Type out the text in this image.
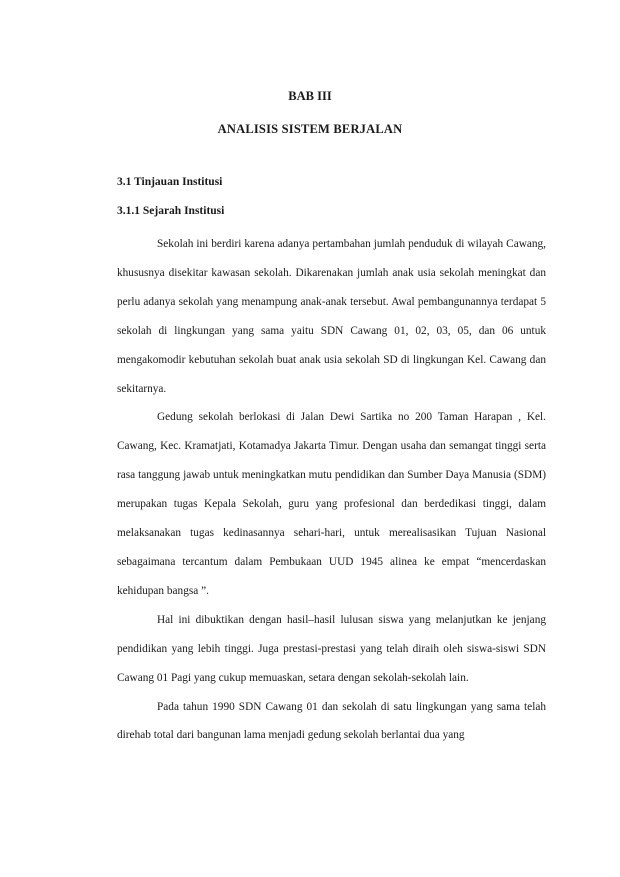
BAB III
ANALISIS SISTEM BERJALAN
3.1 Tinjauan Institusi
3.1.1 Sejarah Institusi

Sekolah ini berdiri karena adanya pertambahan jumlah penduduk di wilayah Cawang, khususnya disekitar kawasan sekolah. Dikarenakan jumlah anak usia sekolah meningkat dan perlu adanya sekolah yang menampung anak-anak tersebut. Awal pembangunannya terdapat 5 sekolah di lingkungan yang sama yaitu SDN Cawang 01, 02, 03, 05, dan 06 untuk mengakomodir kebutuhan sekolah buat anak usia sekolah SD di lingkungan Kel. Cawang dan sekitarnya.

Gedung sekolah berlokasi di Jalan Dewi Sartika no 200 Taman Harapan , Kel. Cawang, Kec. Kramatjati, Kotamadya Jakarta Timur. Dengan usaha dan semangat tinggi serta rasa tanggung jawab untuk meningkatkan mutu pendidikan dan Sumber Daya Manusia (SDM) merupakan tugas Kepala Sekolah, guru yang profesional dan berdedikasi tinggi, dalam melaksanakan tugas kedinasannya sehari-hari, untuk merealisasikan Tujuan Nasional sebagaimana tercantum dalam Pembukaan UUD 1945 alinea ke empat “mencerdaskan kehidupan bangsa ”.

Hal ini dibuktikan dengan hasil–hasil lulusan siswa yang melanjutkan ke jenjang pendidikan yang lebih tinggi. Juga prestasi-prestasi yang telah diraih oleh siswa-siswi SDN Cawang 01 Pagi yang cukup memuaskan, setara dengan sekolah-sekolah lain.

Pada tahun 1990 SDN Cawang 01 dan sekolah di satu lingkungan yang sama telah direhab total dari bangunan lama menjadi gedung sekolah berlantai dua yang
